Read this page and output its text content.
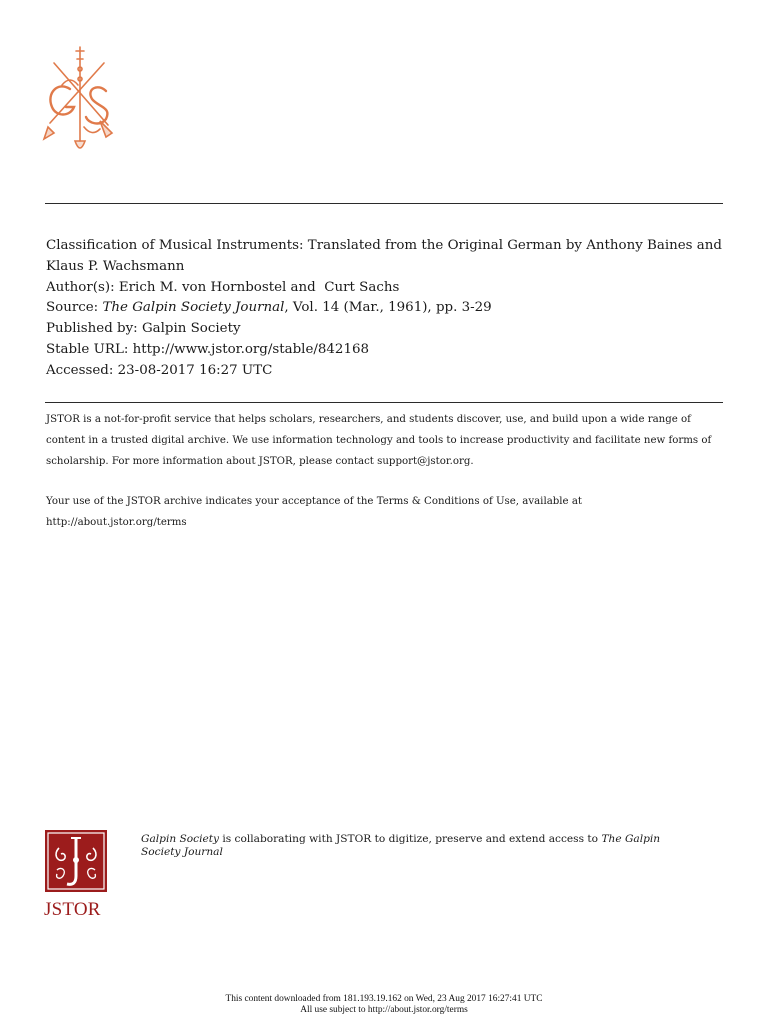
Classification of Musical Instruments: Translated from the Original German by Anthony Baines and Klaus P. Wachsmann
Author(s): Erich M. von Hornbostel and  Curt Sachs
Source: The Galpin Society Journal, Vol. 14 (Mar., 1961), pp. 3-29
Published by: Galpin Society
Stable URL: http://www.jstor.org/stable/842168
Accessed: 23-08-2017 16:27 UTC

JSTOR is a not-for-profit service that helps scholars, researchers, and students discover, use, and build upon a wide range of content in a trusted digital archive. We use information technology and tools to increase productivity and facilitate new forms of scholarship. For more information about JSTOR, please contact support@jstor.org.

Your use of the JSTOR archive indicates your acceptance of the Terms & Conditions of Use, available at
http://about.jstor.org/terms

JSTOR
Galpin Society is collaborating with JSTOR to digitize, preserve and extend access to The Galpin Society Journal
This content downloaded from 181.193.19.162 on Wed, 23 Aug 2017 16:27:41 UTC
All use subject to http://about.jstor.org/terms
